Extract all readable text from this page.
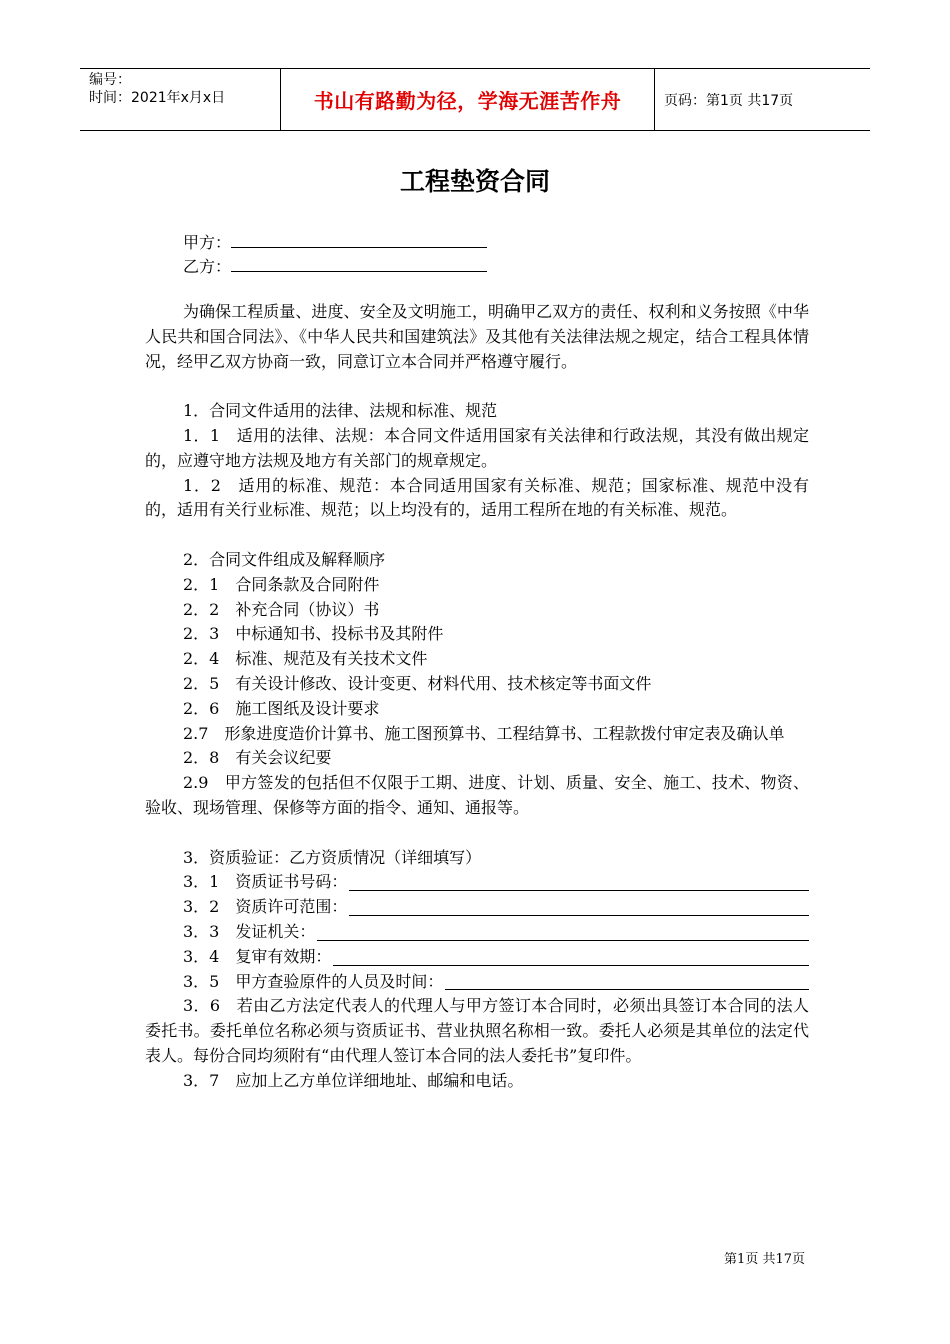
编号：
时间：2021年x月x日	书山有路勤为径，学海无涯苦作舟	页码：第1页 共17页
工程垫资合同
甲方：
乙方：

为确保工程质量、进度、安全及文明施工，明确甲乙双方的责任、权利和义务按照《中华人民共和国合同法》、《中华人民共和国建筑法》及其他有关法律法规之规定，结合工程具体情况，经甲乙双方协商一致，同意订立本合同并严格遵守履行。

1．合同文件适用的法律、法规和标准、规范

1．1　适用的法律、法规：本合同文件适用国家有关法律和行政法规，其没有做出规定的，应遵守地方法规及地方有关部门的规章规定。

1．2　适用的标准、规范：本合同适用国家有关标准、规范；国家标准、规范中没有的，适用有关行业标准、规范；以上均没有的，适用工程所在地的有关标准、规范。

2．合同文件组成及解释顺序

2．1　合同条款及合同附件

2．2　补充合同（协议）书

2．3　中标通知书、投标书及其附件

2．4　标准、规范及有关技术文件

2．5　有关设计修改、设计变更、材料代用、技术核定等书面文件

2．6　施工图纸及设计要求

2.7　形象进度造价计算书、施工图预算书、工程结算书、工程款拨付审定表及确认单

2．8　有关会议纪要

2.9　甲方签发的包括但不仅限于工期、进度、计划、质量、安全、施工、技术、物资、验收、现场管理、保修等方面的指令、通知、通报等。

3．资质验证：乙方资质情况（详细填写）

3．1　资质证书号码：
3．2　资质许可范围：
3．3　发证机关：
3．4　复审有效期：
3．5　甲方查验原件的人员及时间：

3．6　若由乙方法定代表人的代理人与甲方签订本合同时，必须出具签订本合同的法人委托书。委托单位名称必须与资质证书、营业执照名称相一致。委托人必须是其单位的法定代表人。每份合同均须附有“由代理人签订本合同的法人委托书”复印件。

3．7　应加上乙方单位详细地址、邮编和电话。

第1页 共17页
